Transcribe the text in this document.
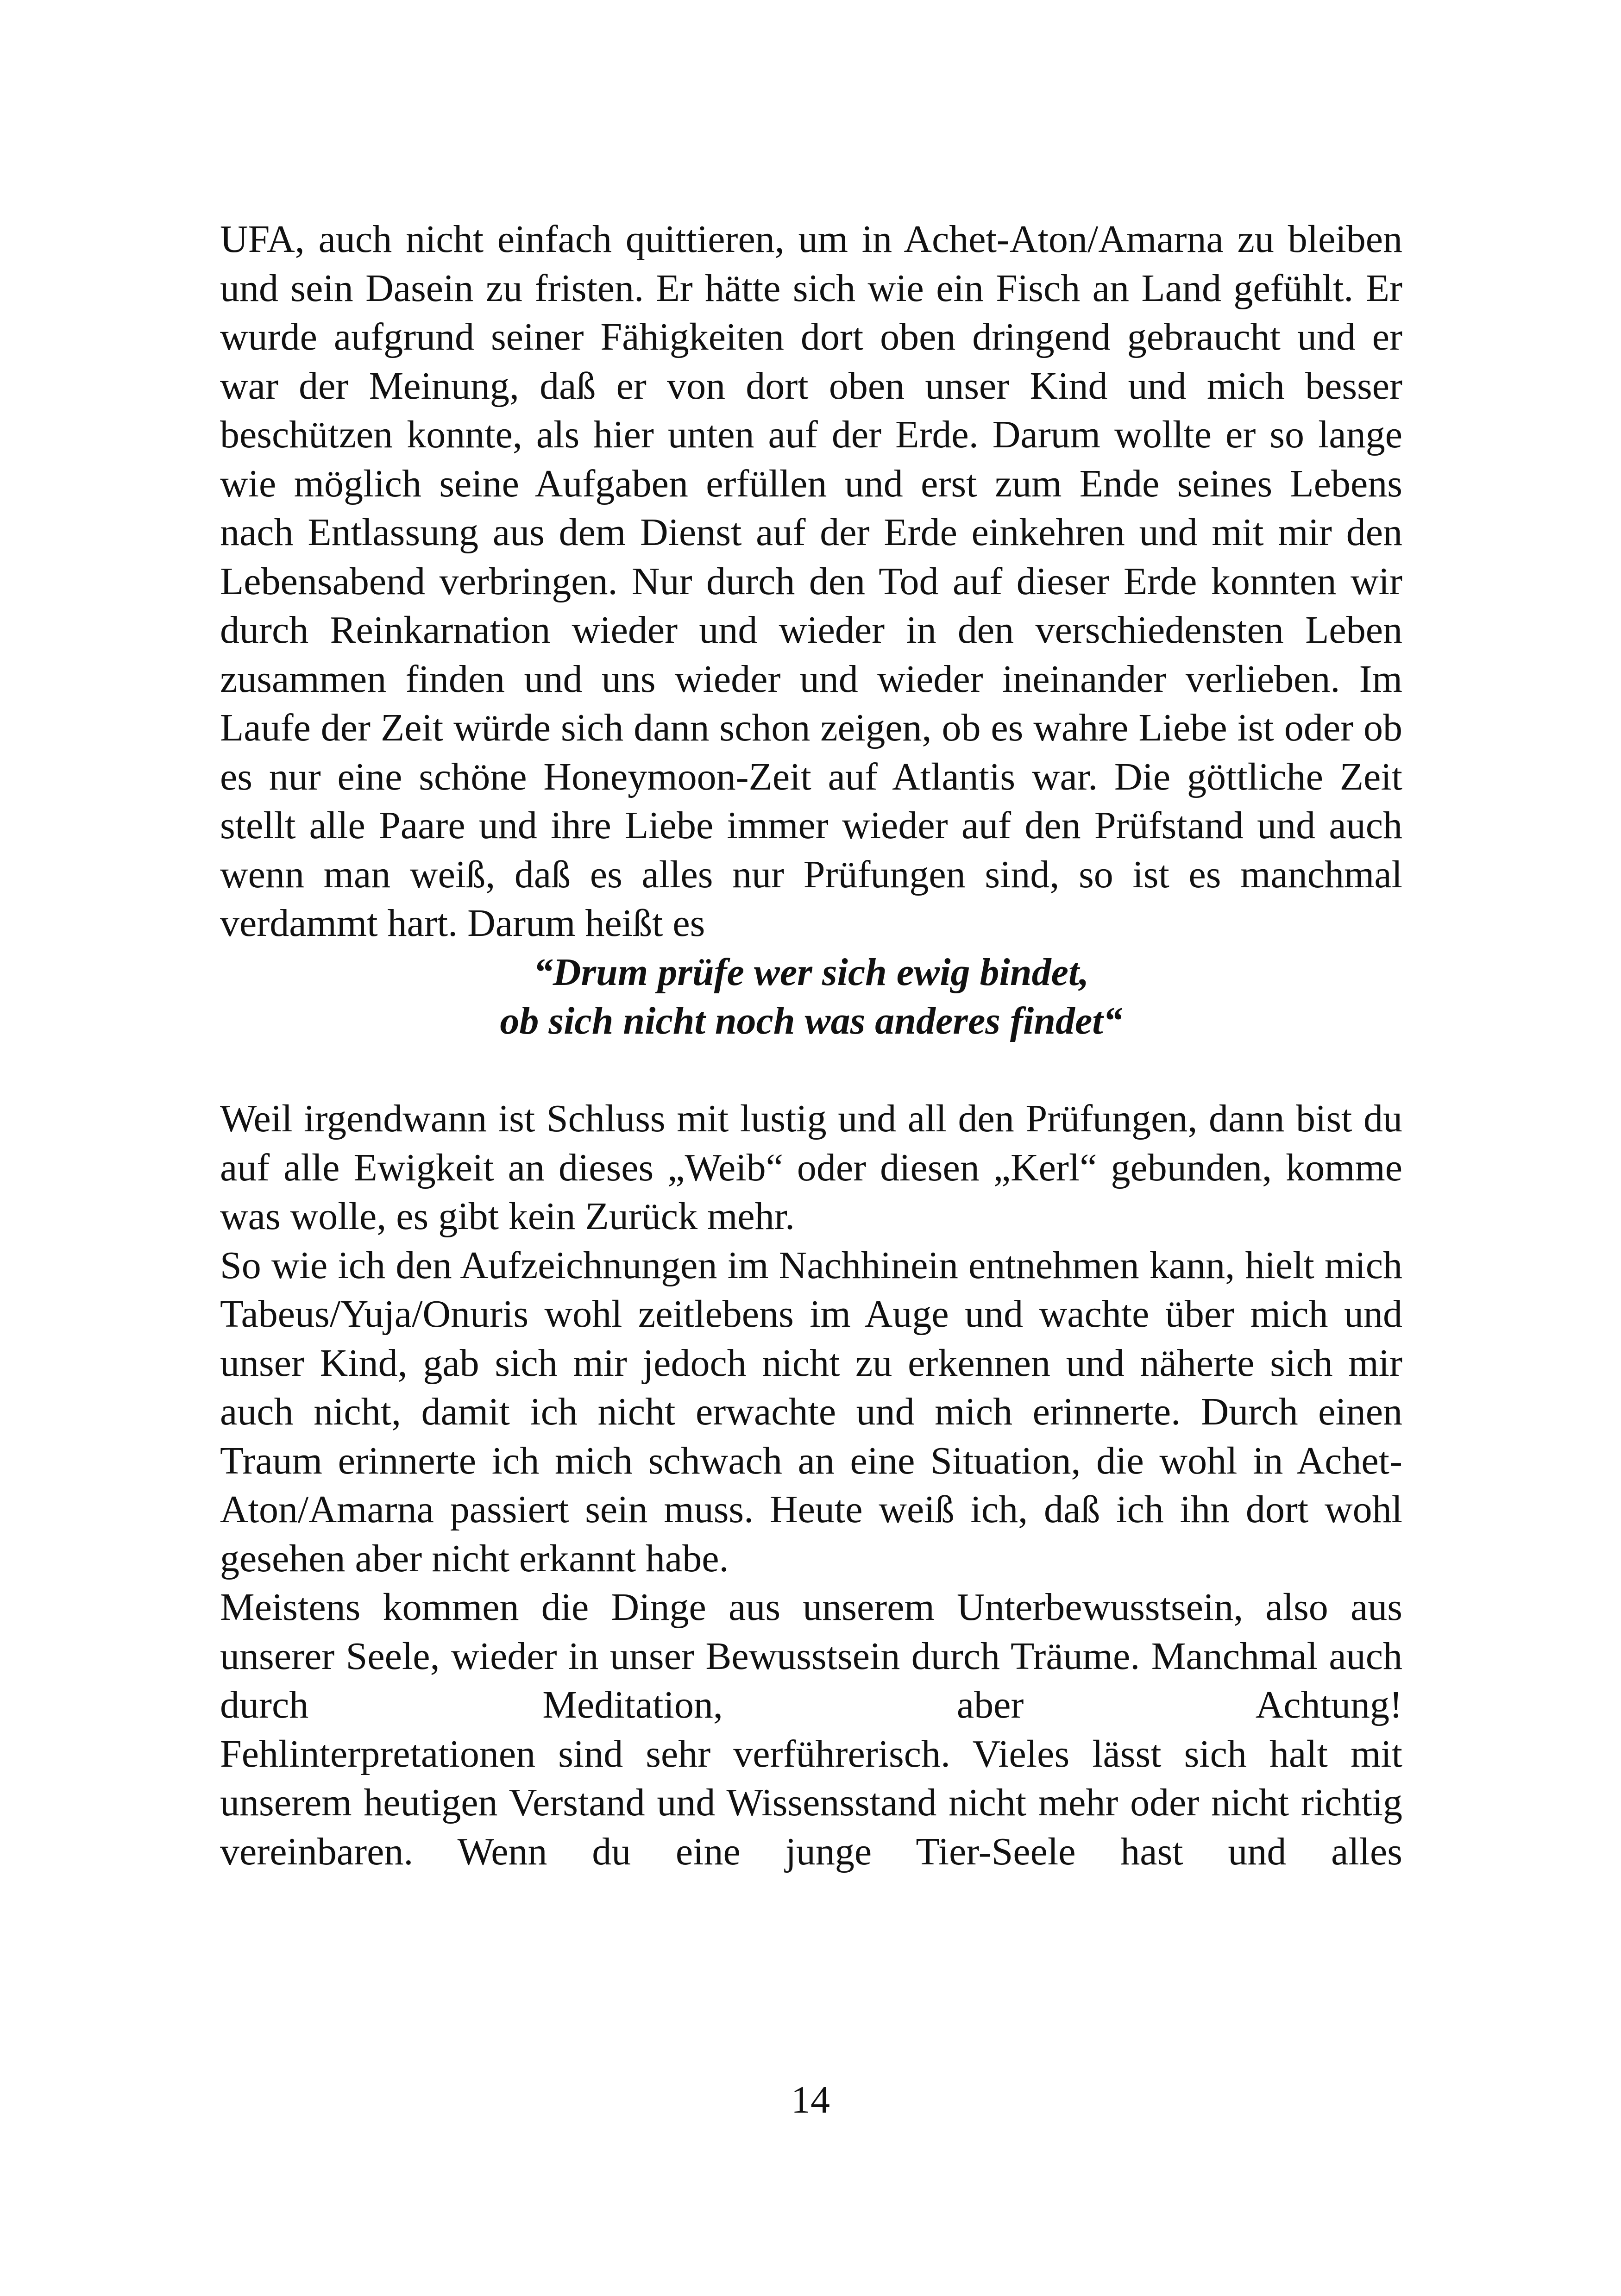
UFA, auch nicht einfach quittieren, um in Achet-Aton/Amarna zu bleiben und sein Dasein zu fristen. Er hätte sich wie ein Fisch an Land gefühlt. Er wurde aufgrund seiner Fähigkeiten dort oben dringend gebraucht und er war der Meinung, daß er von dort oben unser Kind und mich besser beschützen konnte, als hier unten auf der Erde. Darum wollte er so lange wie möglich seine Aufgaben erfüllen und erst zum Ende seines Lebens nach Entlassung aus dem Dienst auf der Erde einkehren und mit mir den Lebensabend verbringen. Nur durch den Tod auf dieser Erde konnten wir durch Reinkarnation wieder und wieder in den verschiedensten Leben zusammen finden und uns wieder und wieder ineinander verlieben. Im Laufe der Zeit würde sich dann schon zeigen, ob es wahre Liebe ist oder ob es nur eine schöne Honeymoon-Zeit auf Atlantis war. Die göttliche Zeit stellt alle Paare und ihre Liebe immer wieder auf den Prüfstand und auch wenn man weiß, daß es alles nur Prüfungen sind, so ist es manchmal verdammt hart. Darum heißt es

“Drum prüfe wer sich ewig bindet,

ob sich nicht noch was anderes findet“

Weil irgendwann ist Schluss mit lustig und all den Prüfungen, dann bist du auf alle Ewigkeit an dieses „Weib“ oder diesen „Kerl“ gebunden, komme was wolle, es gibt kein Zurück mehr.

So wie ich den Aufzeichnungen im Nachhinein entnehmen kann, hielt mich Tabeus/Yuja/Onuris wohl zeitlebens im Auge und wachte über mich und unser Kind, gab sich mir jedoch nicht zu erkennen und näherte sich mir auch nicht, damit ich nicht erwachte und mich erinnerte. Durch einen Traum erinnerte ich mich schwach an eine Situation, die wohl in Achet-Aton/Amarna passiert sein muss. Heute weiß ich, daß ich ihn dort wohl gesehen aber nicht erkannt habe.

Meistens kommen die Dinge aus unserem Unterbewusstsein, also aus unserer Seele, wieder in unser Bewusstsein durch Träume. Manchmal auch durch Meditation, aber Achtung!

Fehlinterpretationen sind sehr verführerisch. Vieles lässt sich halt mit unserem heutigen Verstand und Wissensstand nicht mehr oder nicht richtig vereinbaren. Wenn du eine junge Tier-Seele hast und alles

14
